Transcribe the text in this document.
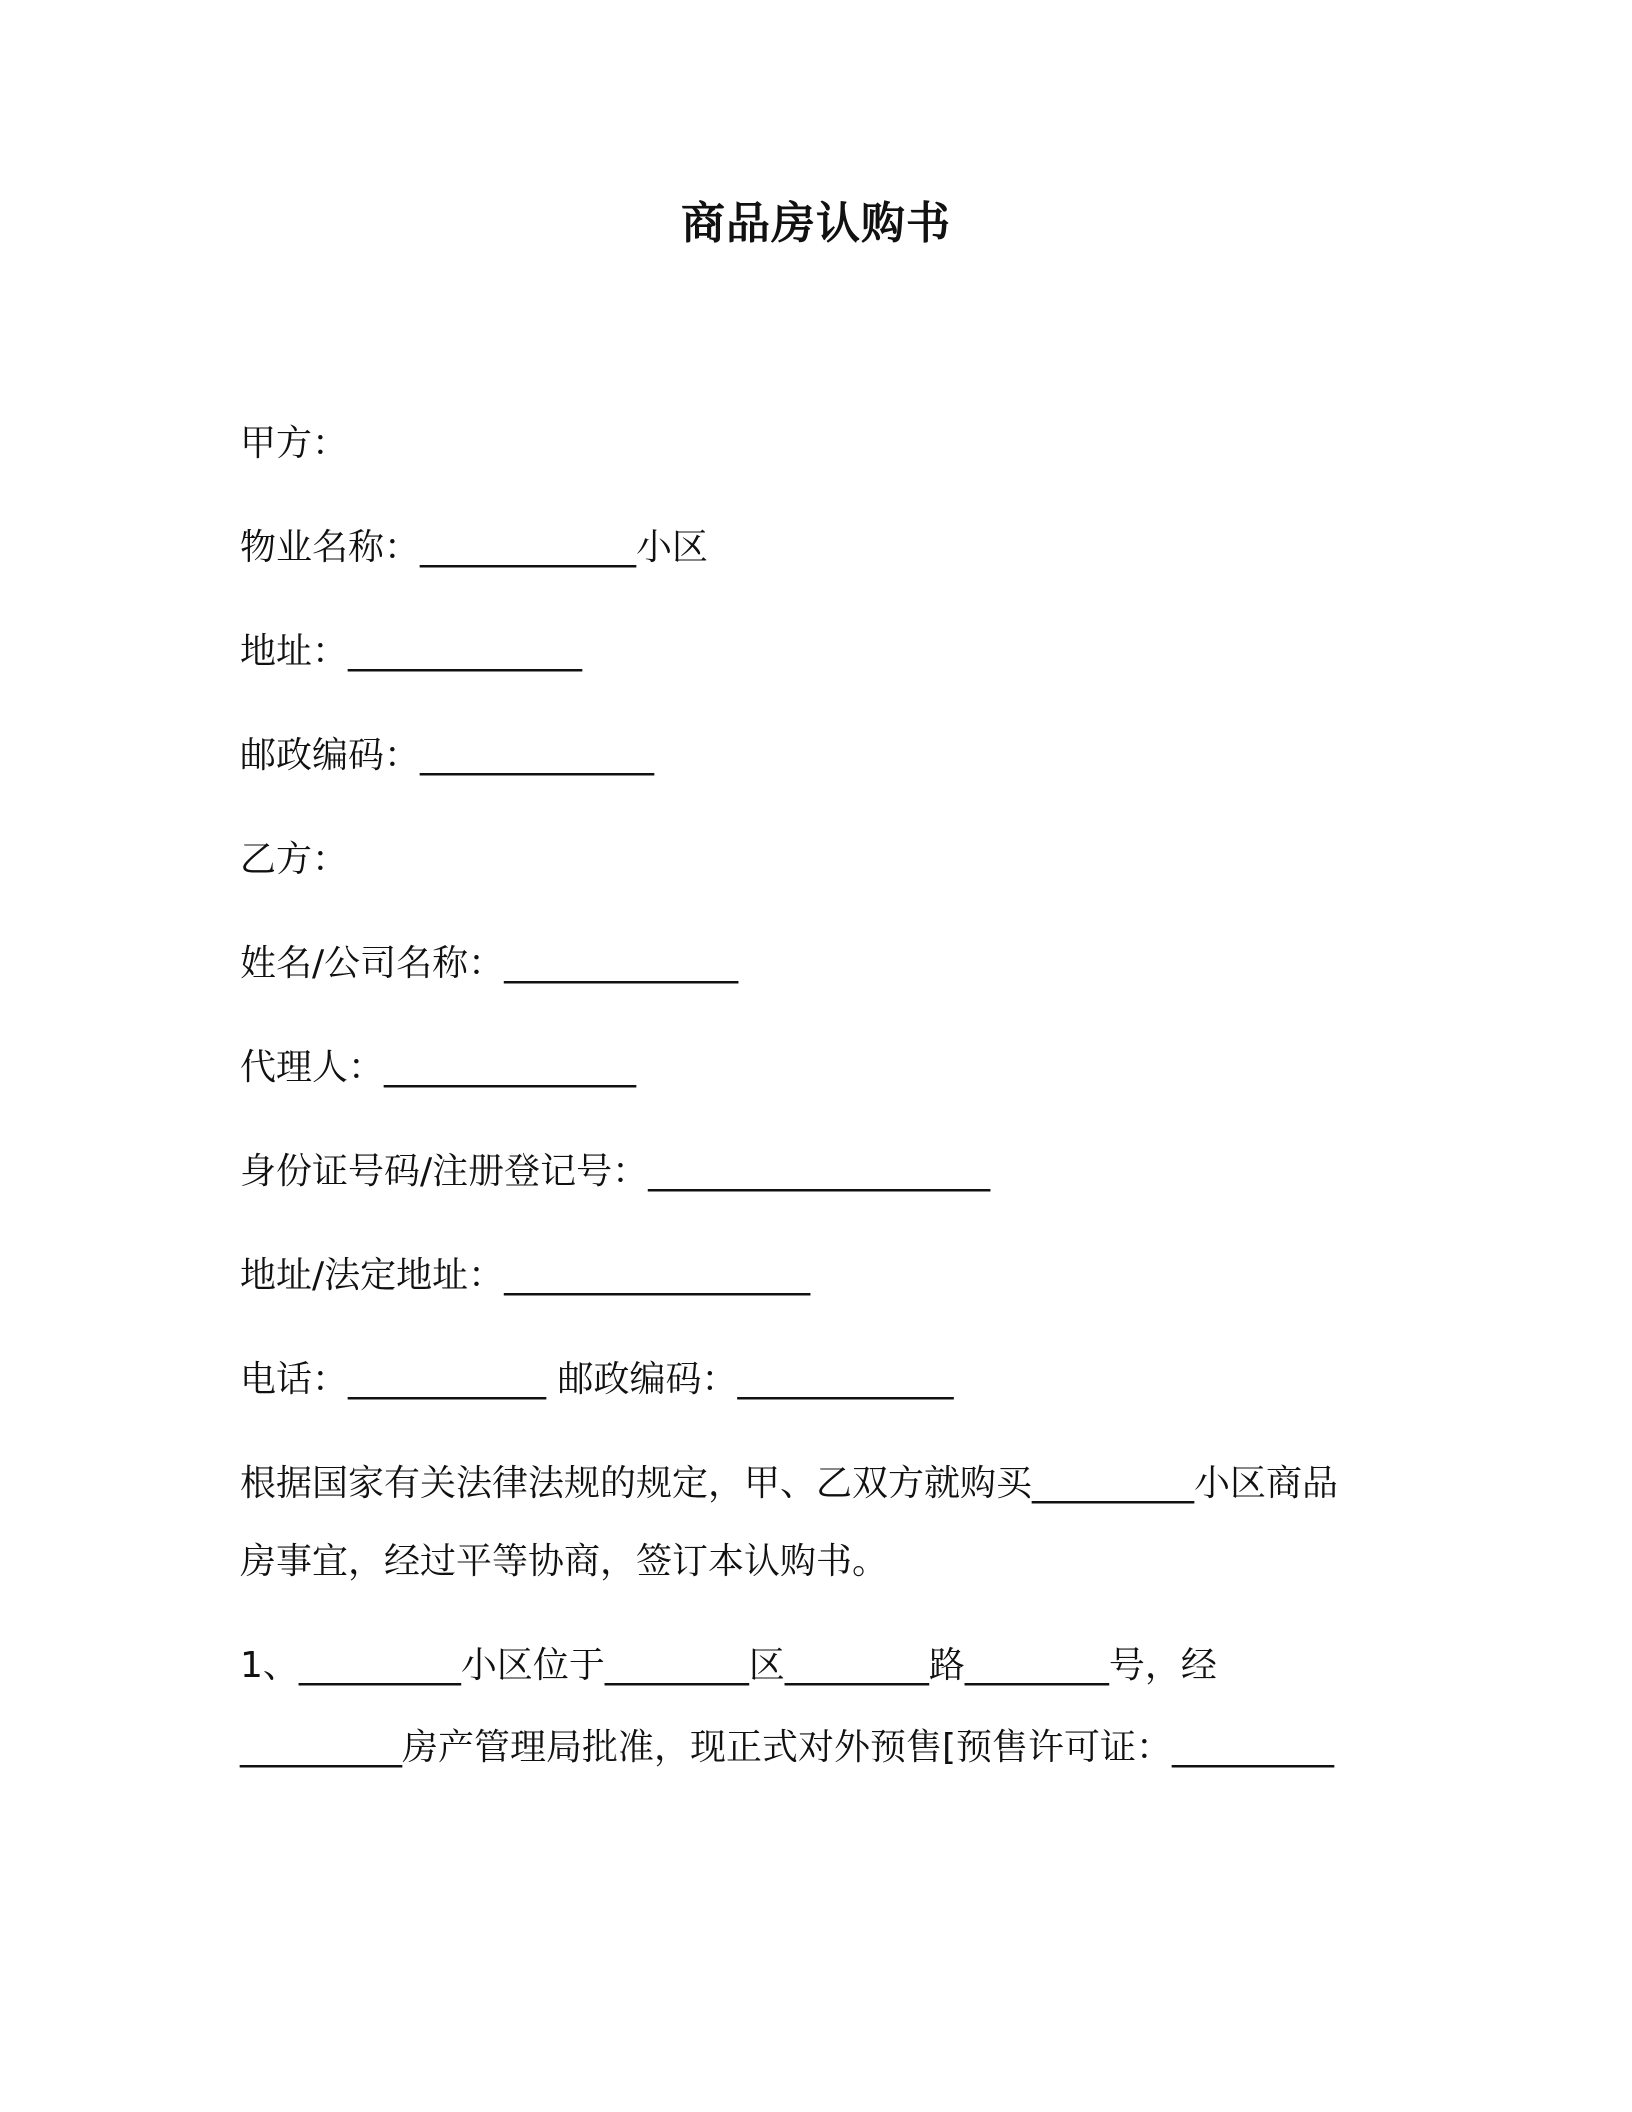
商品房认购书
甲方：
物业名称：____________小区
地址：_____________
邮政编码：_____________
乙方：
姓名/公司名称：_____________
代理人：______________
身份证号码/注册登记号：___________________
地址/法定地址：_________________
电话：___________ 邮政编码：____________
根据国家有关法律法规的规定，甲、乙双方就购买_________小区商品
房事宜，经过平等协商，签订本认购书。
1、_________小区位于________区________路________号，经
_________房产管理局批准，现正式对外预售[预售许可证：_________
